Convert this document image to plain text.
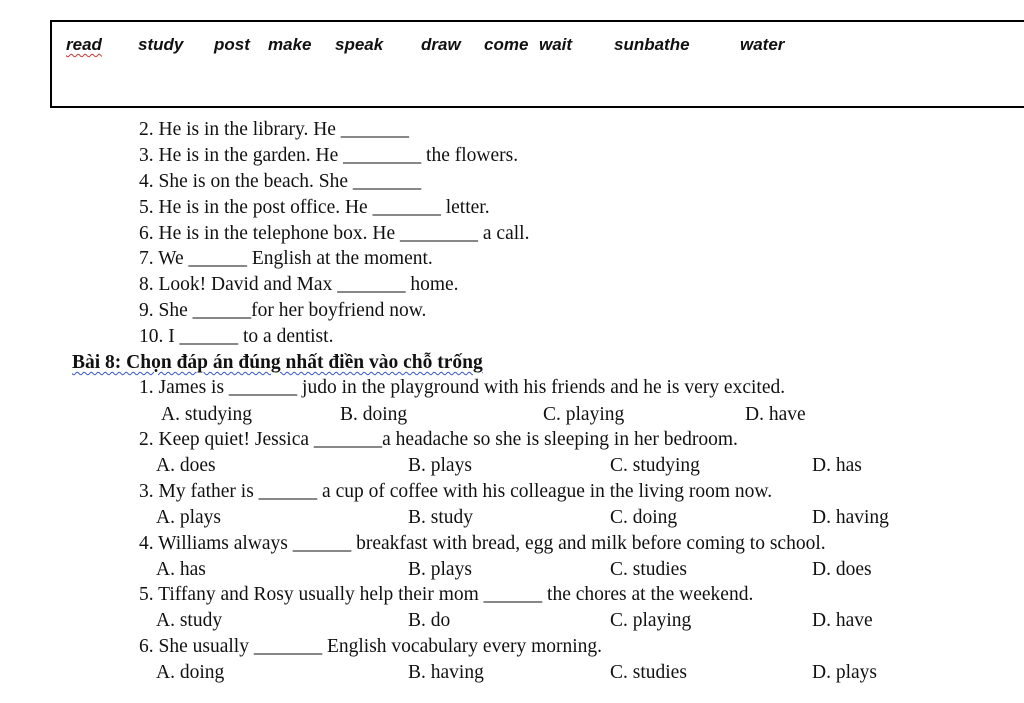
read study post make speak draw come wait sunbathe	water
2. He is in the library. He _______
3. He is in the garden. He ________ the flowers.
4. She is on the beach. She _______
5. He is in the post office. He _______ letter.
6. He is in the telephone box. He ________ a call.
7. We ______ English at the moment.
8. Look! David and Max _______ home.
9. She ______for her boyfriend now.
10. I ______ to a dentist.
Bài 8: Chọn đáp án đúng nhất điền vào chỗ trống
1. James is _______ judo in the playground with his friends and he is very excited.
A. studying	B. doing	C. playing	D. have
2. Keep quiet! Jessica _______a headache so she is sleeping in her bedroom.
A. does	B. plays	C. studying	D. has
3. My father is ______ a cup of coffee with his colleague in the living room now.
A. plays	B. study	C. doing	D. having
4. Williams always ______ breakfast with bread, egg and milk before coming to school.
A. has	B. plays	C. studies	D. does
5. Tiffany and Rosy usually help their mom ______ the chores at the weekend.
A. study	B. do	C. playing	D. have
6. She usually _______ English vocabulary every morning.
A. doing	B. having	C. studies	D. plays
